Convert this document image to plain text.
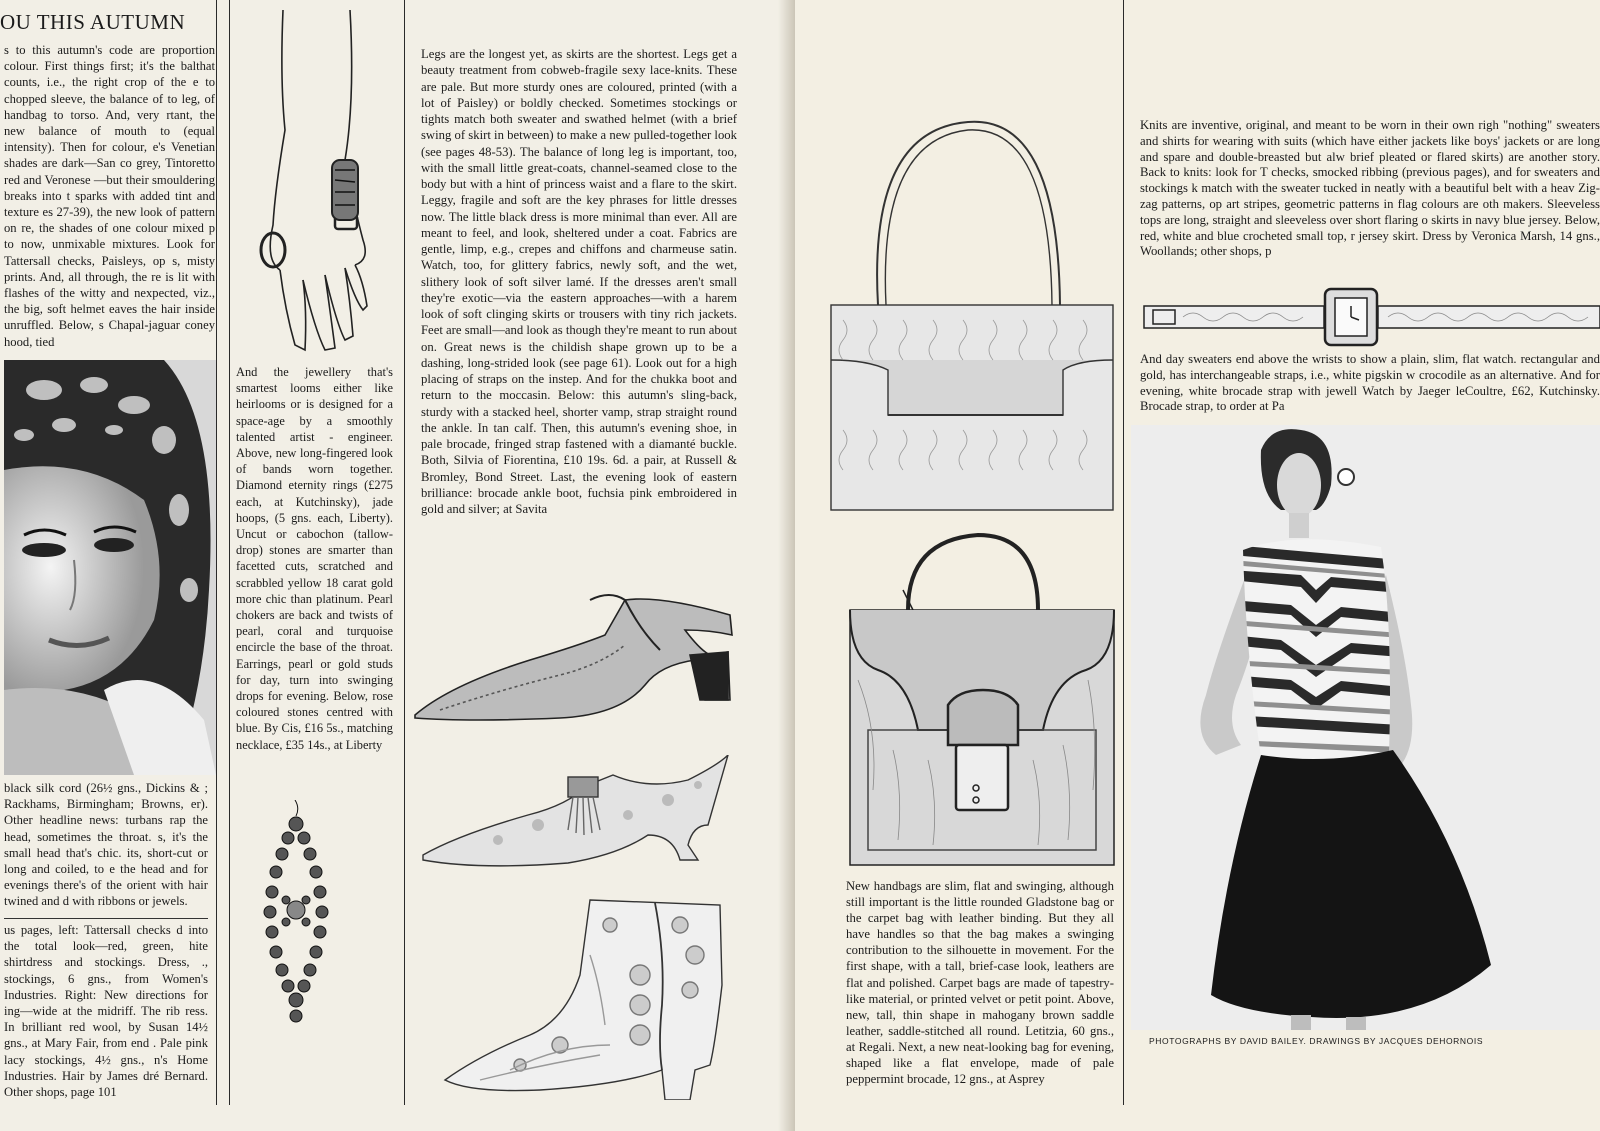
OU THIS AUTUMN

s to this autumn's code are proportion colour. First things first; it's the balthat counts, i.e., the right crop of the e to chopped sleeve, the balance of to leg, of handbag to torso. And, very rtant, the new balance of mouth to (equal intensity). Then for colour, e's Venetian shades are dark—San co grey, Tintoretto red and Veronese —but their smouldering breaks into t sparks with added tint and texture es 27-39), the new look of pattern on re, the shades of one colour mixed p to now, unmixable mixtures. Look for Tattersall checks, Paisleys, op s, misty prints. And, all through, the re is lit with flashes of the witty and nexpected, viz., the big, soft helmet eaves the hair inside unruffled. Below, s Chapal-jaguar coney hood, tied

black silk cord (26½ gns., Dickins & ; Rackhams, Birmingham; Browns, er). Other headline news: turbans rap the head, sometimes the throat. s, it's the small head that's chic. its, short-cut or long and coiled, to e the head and for evenings there's of the orient with hair twined and d with ribbons or jewels.

us pages, left: Tattersall checks d into the total look—red, green, hite shirtdress and stockings. Dress, ., stockings, 6 gns., from Women's Industries. Right: New directions for ing—wide at the midriff. The rib ress. In brilliant red wool, by Susan 14½ gns., at Mary Fair, from end . Pale pink lacy stockings, 4½ gns., n's Home Industries. Hair by James dré Bernard. Other shops, page 101

And the jewellery that's smartest looms either like heirlooms or is designed for a space-age by a smoothly talented artist - engineer. Above, new long-fingered look of bands worn together. Diamond eternity rings (£275 each, at Kutchinsky), jade hoops, (5 gns. each, Liberty). Uncut or cabochon (tallow-drop) stones are smarter than facetted cuts, scratched and scrabbled yellow 18 carat gold more chic than platinum. Pearl chokers are back and twists of pearl, coral and turquoise encircle the base of the throat. Earrings, pearl or gold studs for day, turn into swinging drops for evening. Below, rose coloured stones centred with blue. By Cis, £16 5s., matching necklace, £35 14s., at Liberty

Legs are the longest yet, as skirts are the shortest. Legs get a beauty treatment from cobweb-fragile sexy lace-knits. These are pale. But more sturdy ones are coloured, printed (with a lot of Paisley) or boldly checked. Sometimes stockings or tights match both sweater and swathed helmet (with a brief swing of skirt in between) to make a new pulled-together look (see pages 48-53). The balance of long leg is important, too, with the small little great-coats, channel-seamed close to the body but with a hint of princess waist and a flare to the skirt. Leggy, fragile and soft are the key phrases for little dresses now. The little black dress is more minimal than ever. All are meant to feel, and look, sheltered under a coat. Fabrics are gentle, limp, e.g., crepes and chiffons and charmeuse satin. Watch, too, for glittery fabrics, newly soft, and the wet, slithery look of soft silver lamé. If the dresses aren't small they're exotic—via the eastern approaches—with a harem look of soft clinging skirts or trousers with tiny rich jackets. Feet are small—and look as though they're meant to run about on. Great news is the childish shape grown up to be a dashing, long-strided look (see page 61). Look out for a high placing of straps on the instep. And for the chukka boot and return to the moccasin. Below: this autumn's sling-back, sturdy with a stacked heel, shorter vamp, strap straight round the ankle. In tan calf. Then, this autumn's evening shoe, in pale brocade, fringed strap fastened with a diamanté buckle. Both, Silvia of Fiorentina, £10 19s. 6d. a pair, at Russell & Bromley, Bond Street. Last, the evening look of eastern brilliance: brocade ankle boot, fuchsia pink embroidered in gold and silver; at Savita

New handbags are slim, flat and swinging, although still important is the little rounded Gladstone bag or the carpet bag with leather binding. But they all have handles so that the bag makes a swinging contribution to the silhouette in movement. For the first shape, with a tall, brief-case look, leathers are flat and polished. Carpet bags are made of tapestry-like material, or printed velvet or petit point. Above, new, tall, thin shape in mahogany brown saddle leather, saddle-stitched all round. Letitzia, 60 gns., at Regali. Next, a new neat-looking bag for evening, shaped like a flat envelope, made of pale peppermint brocade, 12 gns., at Asprey

Knits are inventive, original, and meant to be worn in their own righ "nothing" sweaters and shirts for wearing with suits (which have either jackets like boys' jackets or are long and spare and double-breasted but alw brief pleated or flared skirts) are another story. Back to knits: look for T checks, smocked ribbing (previous pages), and for sweaters and stockings k match with the sweater tucked in neatly with a beautiful belt with a heav Zig-zag patterns, op art stripes, geometric patterns in flag colours are oth makers. Sleeveless tops are long, straight and sleeveless over short flaring o skirts in navy blue jersey. Below, red, white and blue crocheted small top, r jersey skirt. Dress by Veronica Marsh, 14 gns., Woollands; other shops, p

And day sweaters end above the wrists to show a plain, slim, flat watch. rectangular and gold, has interchangeable straps, i.e., white pigskin w crocodile as an alternative. And for evening, white brocade strap with jewell Watch by Jaeger leCoultre, £62, Kutchinsky. Brocade strap, to order at Pa

PHOTOGRAPHS BY DAVID BAILEY. DRAWINGS BY JACQUES DEHORNOIS
